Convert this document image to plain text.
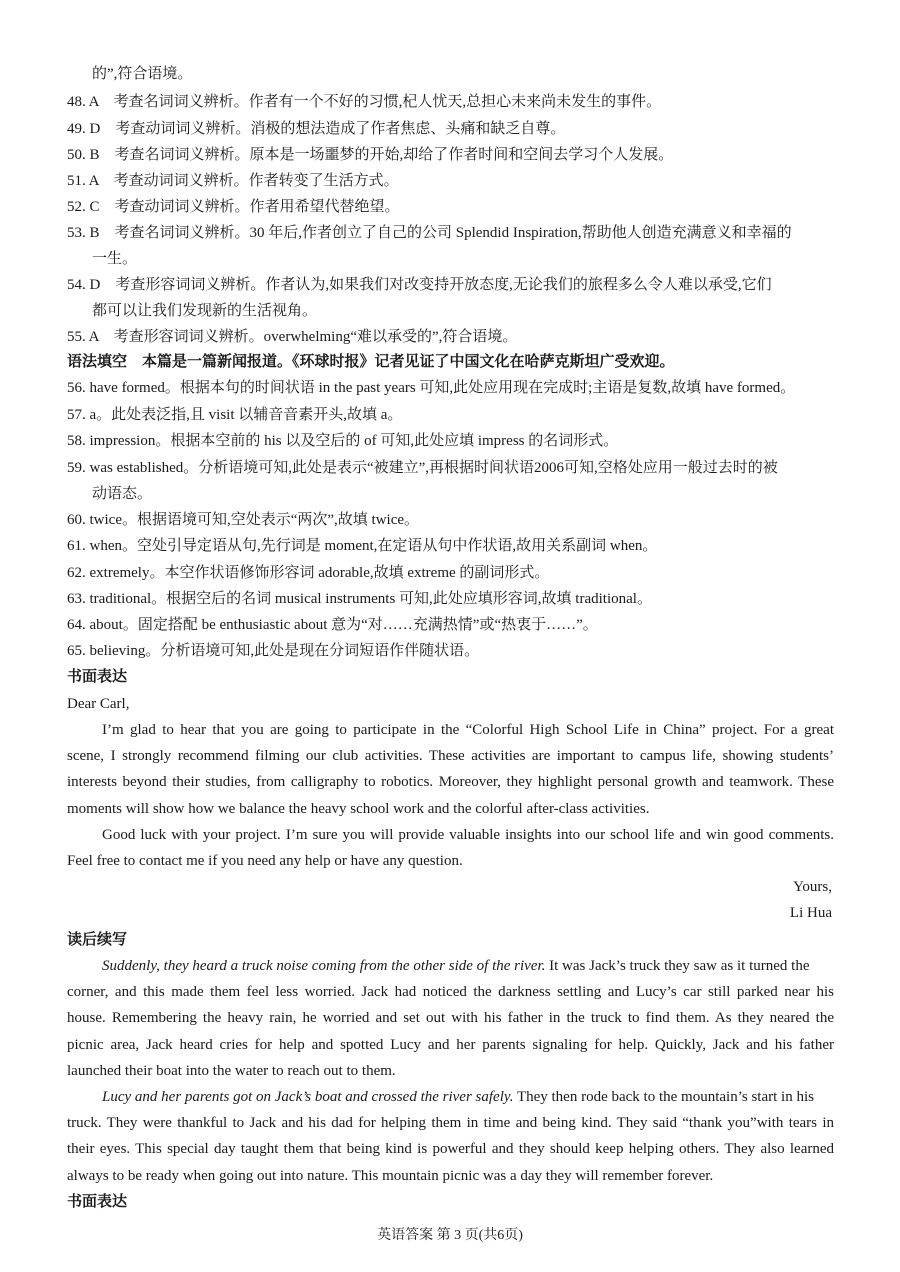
的”,符合语境。
48. A　考查名词词义辨析。作者有一个不好的习惯,杞人忧天,总担心未来尚未发生的事件。
49. D　考查动词词义辨析。消极的想法造成了作者焦虑、头痛和缺乏自尊。
50. B　考查名词词义辨析。原本是一场噩梦的开始,却给了作者时间和空间去学习个人发展。
51. A　考查动词词义辨析。作者转变了生活方式。
52. C　考查动词词义辨析。作者用希望代替绝望。
53. B　考查名词词义辨析。30 年后,作者创立了自己的公司 Splendid Inspiration,帮助他人创造充满意义和幸福的
一生。
54. D　考查形容词词义辨析。作者认为,如果我们对改变持开放态度,无论我们的旅程多么令人难以承受,它们
都可以让我们发现新的生活视角。
55. A　考查形容词词义辨析。overwhelming“难以承受的”,符合语境。
语法填空　本篇是一篇新闻报道。《环球时报》记者见证了中国文化在哈萨克斯坦广受欢迎。
56. have formed。根据本句的时间状语 in the past years 可知,此处应用现在完成时;主语是复数,故填 have formed。
57. a。此处表泛指,且 visit 以辅音音素开头,故填 a。
58. impression。根据本空前的 his 以及空后的 of 可知,此处应填 impress 的名词形式。
59. was established。分析语境可知,此处是表示“被建立”,再根据时间状语2006可知,空格处应用一般过去时的被
动语态。
60. twice。根据语境可知,空处表示“两次”,故填 twice。
61. when。空处引导定语从句,先行词是 moment,在定语从句中作状语,故用关系副词 when。
62. extremely。本空作状语修饰形容词 adorable,故填 extreme 的副词形式。
63. traditional。根据空后的名词 musical instruments 可知,此处应填形容词,故填 traditional。
64. about。固定搭配 be enthusiastic about 意为“对……充满热情”或“热衷于……”。
65. believing。分析语境可知,此处是现在分词短语作伴随状语。
书面表达
Dear Carl,
I’m glad to hear that you are going to participate in the “Colorful High School Life in China” project. For a great
scene, I strongly recommend filming our club activities. These activities are important to campus life, showing students’
interests beyond their studies, from calligraphy to robotics. Moreover, they highlight personal growth and teamwork. These
moments will show how we balance the heavy school work and the colorful after-class activities.
Good luck with your project. I’m sure you will provide valuable insights into our school life and win good comments.
Feel free to contact me if you need any help or have any question.
Yours,
Li Hua
读后续写
Suddenly, they heard a truck noise coming from the other side of the river. It was Jack’s truck they saw as it turned the
corner, and this made them feel less worried. Jack had noticed the darkness settling and Lucy’s car still parked near his
house. Remembering the heavy rain, he worried and set out with his father in the truck to find them. As they neared the
picnic area, Jack heard cries for help and spotted Lucy and her parents signaling for help. Quickly, Jack and his father
launched their boat into the water to reach out to them.
Lucy and her parents got on Jack’s boat and crossed the river safely. They then rode back to the mountain’s start in his
truck. They were thankful to Jack and his dad for helping them in time and being kind. They said “thank you”with tears in
their eyes. This special day taught them that being kind is powerful and they should keep helping others. They also learned
always to be ready when going out into nature. This mountain picnic was a day they will remember forever.
书面表达
英语答案 第 3 页(共6页)
